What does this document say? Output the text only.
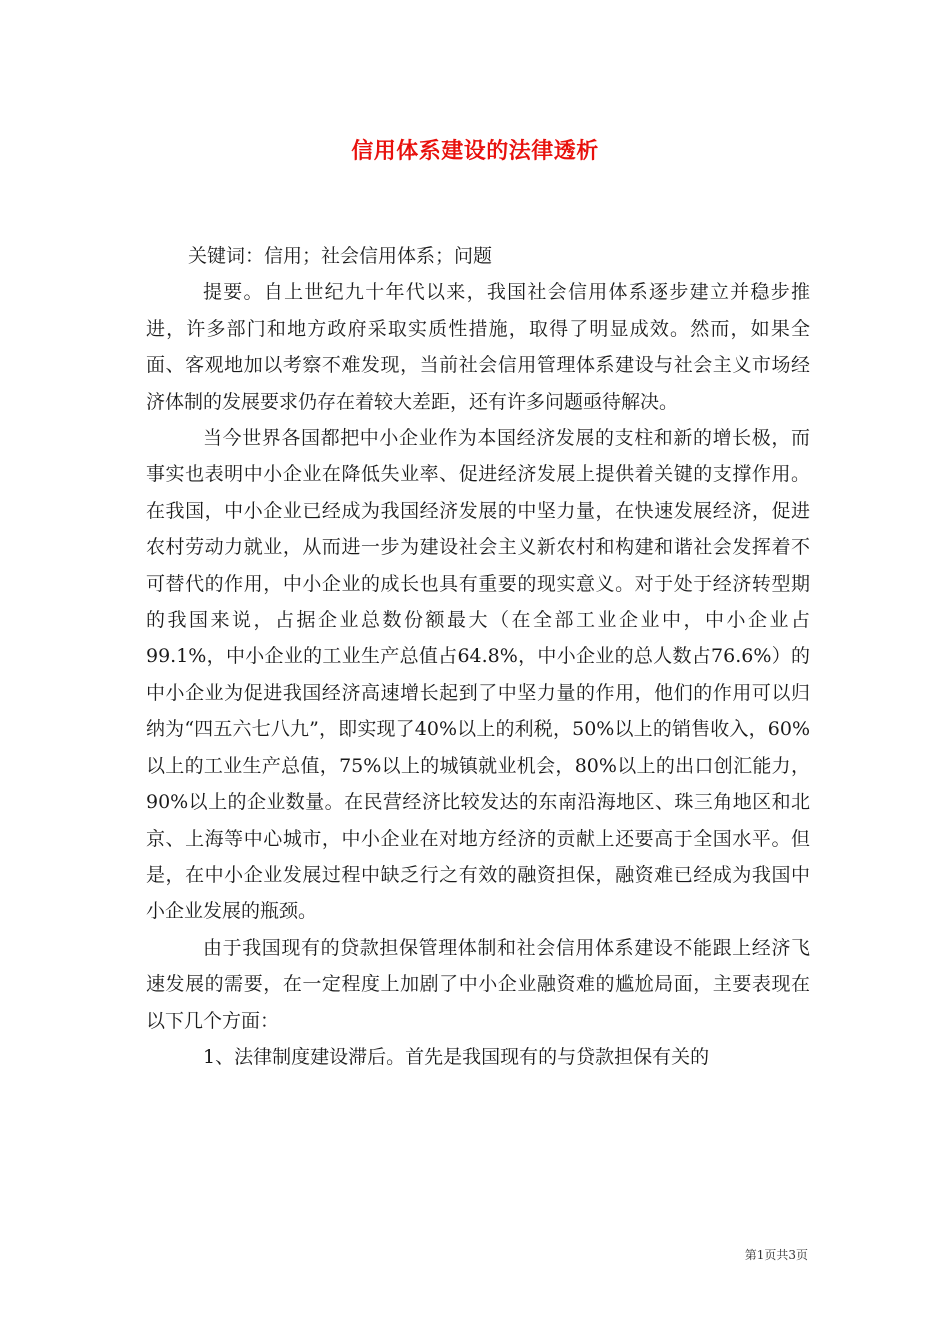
信用体系建设的法律透析

关键词：信用；社会信用体系；问题

提要。自上世纪九十年代以来，我国社会信用体系逐步建立并稳步推进，许多部门和地方政府采取实质性措施，取得了明显成效。然而，如果全面、客观地加以考察不难发现，当前社会信用管理体系建设与社会主义市场经济体制的发展要求仍存在着较大差距，还有许多问题亟待解决。

当今世界各国都把中小企业作为本国经济发展的支柱和新的增长极，而事实也表明中小企业在降低失业率、促进经济发展上提供着关键的支撑作用。在我国，中小企业已经成为我国经济发展的中坚力量，在快速发展经济，促进农村劳动力就业，从而进一步为建设社会主义新农村和构建和谐社会发挥着不可替代的作用，中小企业的成长也具有重要的现实意义。对于处于经济转型期的我国来说，占据企业总数份额最大（在全部工业企业中，中小企业占99.1%，中小企业的工业生产总值占64.8%，中小企业的总人数占76.6%）的中小企业为促进我国经济高速增长起到了中坚力量的作用，他们的作用可以归纳为“四五六七八九”，即实现了40%以上的利税，50%以上的销售收入，60%以上的工业生产总值，75%以上的城镇就业机会，80%以上的出口创汇能力，90%以上的企业数量。在民营经济比较发达的东南沿海地区、珠三角地区和北京、上海等中心城市，中小企业在对地方经济的贡献上还要高于全国水平。但是，在中小企业发展过程中缺乏行之有效的融资担保，融资难已经成为我国中小企业发展的瓶颈。

由于我国现有的贷款担保管理体制和社会信用体系建设不能跟上经济飞速发展的需要，在一定程度上加剧了中小企业融资难的尴尬局面，主要表现在以下几个方面：

1、法律制度建设滞后。首先是我国现有的与贷款担保有关的

第1页共3页
